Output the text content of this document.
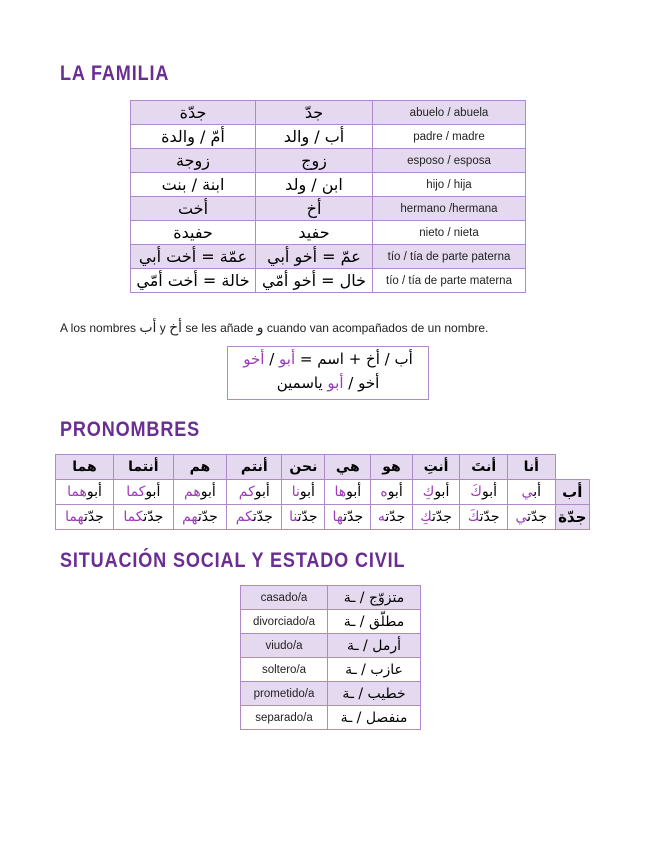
LA FAMILIA
جدّة	جدّ	abuelo / abuela
أمّ / والدة	أب / والد	padre / madre
زوجة	زوج	esposo / esposa
ابنة / بنت	ابن / ولد	hijo / hija
أخت	أخ	hermano /hermana
حفيدة	حفيد	nieto / nieta
عمّة = أخت أبي	عمّ = أخو أبي	tío / tía de parte paterna
خالة = أخت أمّي	خال = أخو أمّي	tío / tía de parte materna
A los nombres أب y أخ se les añade و cuando van acompañados de un nombre.
أب / أخ + اسم = أبو / أخو
أخو / أبو ياسمين
PRONOMBRES
	أنا	أنتَ	أنتِ	هو	هي	نحن	أنتم	هم	أنتما	هما
أب	أبي	أبوكَ	أبوكِ	أبوه	أبوها	أبونا	أبوكم	أبوهم	أبوكما	أبوهما
جدّة	جدّتي	جدّتكَ	جدّتكِ	جدّته	جدّتها	جدّتنا	جدّتكم	جدّتهم	جدّتكما	جدّتهما
SITUACIÓN SOCIAL Y ESTADO CIVIL
casado/a	متزوّج / ـة
divorciado/a	مطلّق / ـة
viudo/a	أرمل / ـة
soltero/a	عازب / ـة
prometido/a	خطيب / ـة
separado/a	منفصل / ـة
